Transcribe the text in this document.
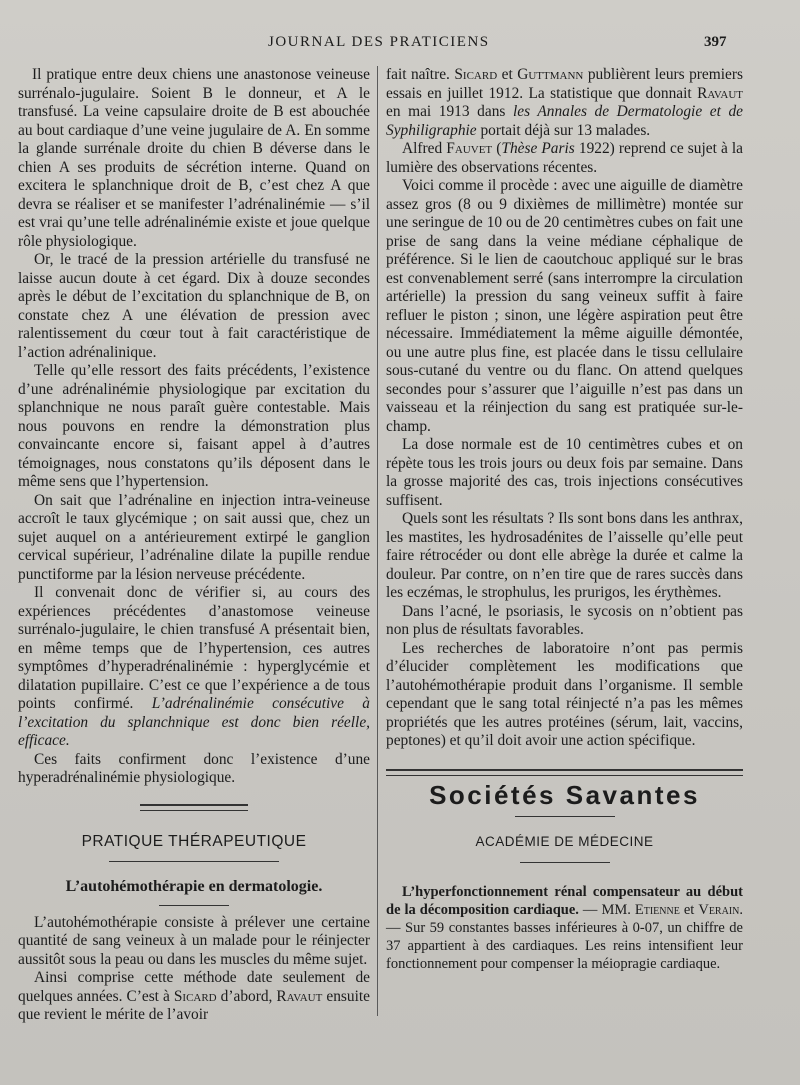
JOURNAL DES PRATICIENS	397

Il pratique entre deux chiens une anastonose veineuse surrénalo-jugulaire. Soient B le donneur, et A le transfusé. La veine capsulaire droite de B est abouchée au bout cardiaque d’une veine jugulaire de A. En somme la glande surrénale droite du chien B déverse dans le chien A ses produits de sécrétion interne. Quand on excitera le splanchnique droit de B, c’est chez A que devra se réaliser et se manifester l’adrénalinémie — s’il est vrai qu’une telle adrénalinémie existe et joue quelque rôle physiologique.

Or, le tracé de la pression artérielle du transfusé ne laisse aucun doute à cet égard. Dix à douze secondes après le début de l’excitation du splanchnique de B, on constate chez A une élévation de pression avec ralentissement du cœur tout à fait caractéristique de l’action adrénalinique.

Telle qu’elle ressort des faits précédents, l’existence d’une adrénalinémie physiologique par excitation du splanchnique ne nous paraît guère contestable. Mais nous pouvons en rendre la démonstration plus convaincante encore si, faisant appel à d’autres témoignages, nous constatons qu’ils déposent dans le même sens que l’hypertension.

On sait que l’adrénaline en injection intra-veineuse accroît le taux glycémique ; on sait aussi que, chez un sujet auquel on a antérieurement extirpé le ganglion cervical supérieur, l’adrénaline dilate la pupille rendue punctiforme par la lésion nerveuse précédente.

Il convenait donc de vérifier si, au cours des expériences précédentes d’anastomose veineuse surrénalo-jugulaire, le chien transfusé A présentait bien, en même temps que de l’hypertension, ces autres symptômes d’hyperadrénalinémie : hyperglycémie et dilatation pupillaire. C’est ce que l’expérience a de tous points confirmé. L’adrénalinémie consécutive à l’excitation du splanchnique est donc bien réelle, efficace.

Ces faits confirment donc l’existence d’une hyperadrénalinémie physiologique.

PRATIQUE THÉRAPEUTIQUE
L’autohémothérapie en dermatologie.

L’autohémothérapie consiste à prélever une certaine quantité de sang veineux à un malade pour le réinjecter aussitôt sous la peau ou dans les muscles du même sujet.

Ainsi comprise cette méthode date seulement de quelques années. C’est à Sicard d’abord, Ravaut ensuite que revient le mérite de l’avoir

fait naître. Sicard et Guttmann publièrent leurs premiers essais en juillet 1912. La statistique que donnait Ravaut en mai 1913 dans les Annales de Dermatologie et de Syphiligraphie portait déjà sur 13 malades.

Alfred Fauvet (Thèse Paris 1922) reprend ce sujet à la lumière des observations récentes.

Voici comme il procède : avec une aiguille de diamètre assez gros (8 ou 9 dixièmes de millimètre) montée sur une seringue de 10 ou de 20 centimètres cubes on fait une prise de sang dans la veine médiane céphalique de préférence. Si le lien de caoutchouc appliqué sur le bras est convenablement serré (sans interrompre la circulation artérielle) la pression du sang veineux suffit à faire refluer le piston ; sinon, une légère aspiration peut être nécessaire. Immédiatement la même aiguille démontée, ou une autre plus fine, est placée dans le tissu cellulaire sous-cutané du ventre ou du flanc. On attend quelques secondes pour s’assurer que l’aiguille n’est pas dans un vaisseau et la réinjection du sang est pratiquée sur-le-champ.

La dose normale est de 10 centimètres cubes et on répète tous les trois jours ou deux fois par semaine. Dans la grosse majorité des cas, trois injections consécutives suffisent.

Quels sont les résultats ? Ils sont bons dans les anthrax, les mastites, les hydrosadénites de l’aisselle qu’elle peut faire rétrocéder ou dont elle abrège la durée et calme la douleur. Par contre, on n’en tire que de rares succès dans les eczémas, le strophulus, les prurigos, les érythèmes.

Dans l’acné, le psoriasis, le sycosis on n’obtient pas non plus de résultats favorables.

Les recherches de laboratoire n’ont pas permis d’élucider complètement les modifications que l’autohémothérapie produit dans l’organisme. Il semble cependant que le sang total réinjecté n’a pas les mêmes propriétés que les autres protéines (sérum, lait, vaccins, peptones) et qu’il doit avoir une action spécifique.

Sociétés Savantes
ACADÉMIE DE MÉDECINE

L’hyperfonctionnement rénal compensateur au début de la décomposition cardiaque. — MM. Etienne et Verain. — Sur 59 constantes basses inférieures à 0-07, un chiffre de 37 appartient à des cardiaques. Les reins intensifient leur fonctionnement pour compenser la méiopragie cardiaque.
